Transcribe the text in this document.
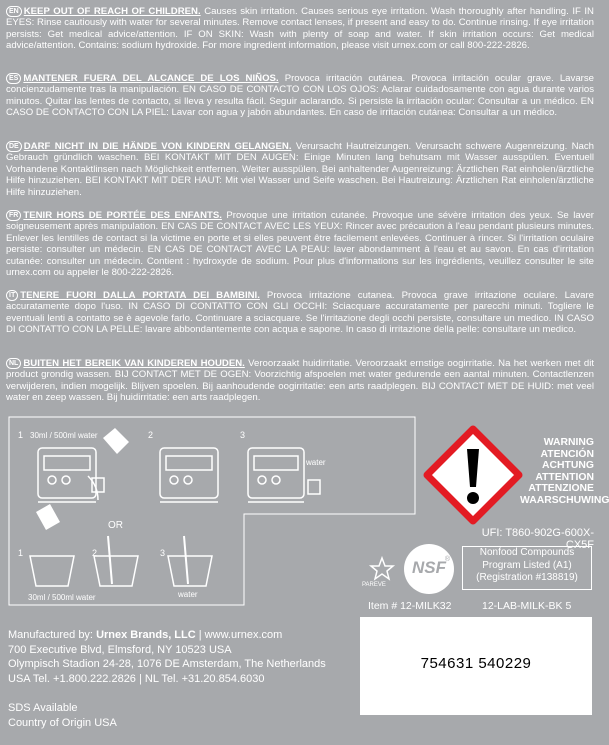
EN KEEP OUT OF REACH OF CHILDREN. Causes skin irritation. Causes serious eye irritation. Wash thoroughly after handling. IF IN EYES: Rinse cautiously with water for several minutes. Remove contact lenses, if present and easy to do. Continue rinsing. If eye irritation persists: Get medical advice/attention. IF ON SKIN: Wash with plenty of soap and water. If skin irritation occurs: Get medical advice/attention. Contains: sodium hydroxide. For more ingredient information, please visit urnex.com or call 800-222-2826.
ES MANTENER FUERA DEL ALCANCE DE LOS NIÑOS. Provoca irritación cutánea. Provoca irritación ocular grave. Lavarse concienzudamente tras la manipulación. EN CASO DE CONTACTO CON LOS OJOS: Aclarar cuidadosamente con agua durante varios minutos. Quitar las lentes de contacto, si lleva y resulta fácil. Seguir aclarando. Si persiste la irritación ocular: Consultar a un médico. EN CASO DE CONTACTO CON LA PIEL: Lavar con agua y jabón abundantes. En caso de irritación cutánea: Consultar a un médico.
DE DARF NICHT IN DIE HÄNDE VON KINDERN GELANGEN. Verursacht Hautreizungen. Verursacht schwere Augenreizung. Nach Gebrauch gründlich waschen. BEI KONTAKT MIT DEN AUGEN: Einige Minuten lang behutsam mit Wasser ausspülen. Eventuell Vorhandene Kontaktlinsen nach Möglichkeit entfernen. Weiter ausspülen. Bei anhaltender Augenreizung: Ärztlichen Rat einholen/ärztliche Hilfe hinzuziehen. BEI KONTAKT MIT DER HAUT: Mit viel Wasser und Seife waschen. Bei Hautreizung: Ärztlichen Rat einholen/ärztliche Hilfe hinzuziehen.
FR TENIR HORS DE PORTÉE DES ENFANTS. Provoque une irritation cutanée. Provoque une sévère irritation des yeux. Se laver soigneusement après manipulation. EN CAS DE CONTACT AVEC LES YEUX: Rincer avec précaution à l'eau pendant plusieurs minutes. Enlever les lentilles de contact si la victime en porte et si elles peuvent être facilement enlevées. Continuer à rincer. Si l'irritation oculaire persiste: consulter un médecin. EN CAS DE CONTACT AVEC LA PEAU: laver abondamment à l'eau et au savon. En cas d'irritation cutanée: consulter un médecin. Contient : hydroxyde de sodium. Pour plus d'informations sur les ingrédients, veuillez consulter le site urnex.com ou appeler le 800-222-2826.
IT TENERE FUORI DALLA PORTATA DEI BAMBINI. Provoca irritazione cutanea. Provoca grave irritazione oculare. Lavare accuratamente dopo l'uso. IN CASO DI CONTATTO CON GLI OCCHI: Sciacquare accuratamente per parecchi minuti. Togliere le eventuali lenti a contatto se è agevole farlo. Continuare a sciacquare. Se l'irritazione degli occhi persiste, consultare un medico. IN CASO DI CONTATTO CON LA PELLE: lavare abbondantemente con acqua e sapone. In caso di irritazione della pelle: consultare un medico.
NL BUITEN HET BEREIK VAN KINDEREN HOUDEN. Veroorzaakt huidirritatie. Veroorzaakt ernstige oogirritatie. Na het werken met dit product grondig wassen. BIJ CONTACT MET DE OGEN: Voorzichtig afspoelen met water gedurende een aantal minuten. Contactlenzen verwijderen, indien mogelijk. Blijven spoelen. Bij aanhoudende oogirritatie: een arts raadplegen. BIJ CONTACT MET DE HUID: met veel water en zeep wassen. Bij huidirritatie: een arts raadplegen.
1 30ml / 500ml water	2	3
water
OR
1	2	3
30ml / 500ml water	water
WARNING
ATENCIÓN
ACHTUNG
ATTENTION
ATTENZIONE
WAARSCHUWING
UFI: T860-902G-600X-CX5F
PAREVE
NSF
®
Nonfood Compounds
Program Listed (A1)
(Registration #138819)
Item # 12-MILK32	12-LAB-MILK-BK 5
Manufactured by: Urnex Brands, LLC | www.urnex.com
700 Executive Blvd, Elmsford, NY 10523 USA
Olympisch Stadion 24-28, 1076 DE Amsterdam, The Netherlands
USA Tel. +1.800.222.2826 | NL Tel. +31.20.854.6030
SDS Available
Country of Origin USA
754631 540229
